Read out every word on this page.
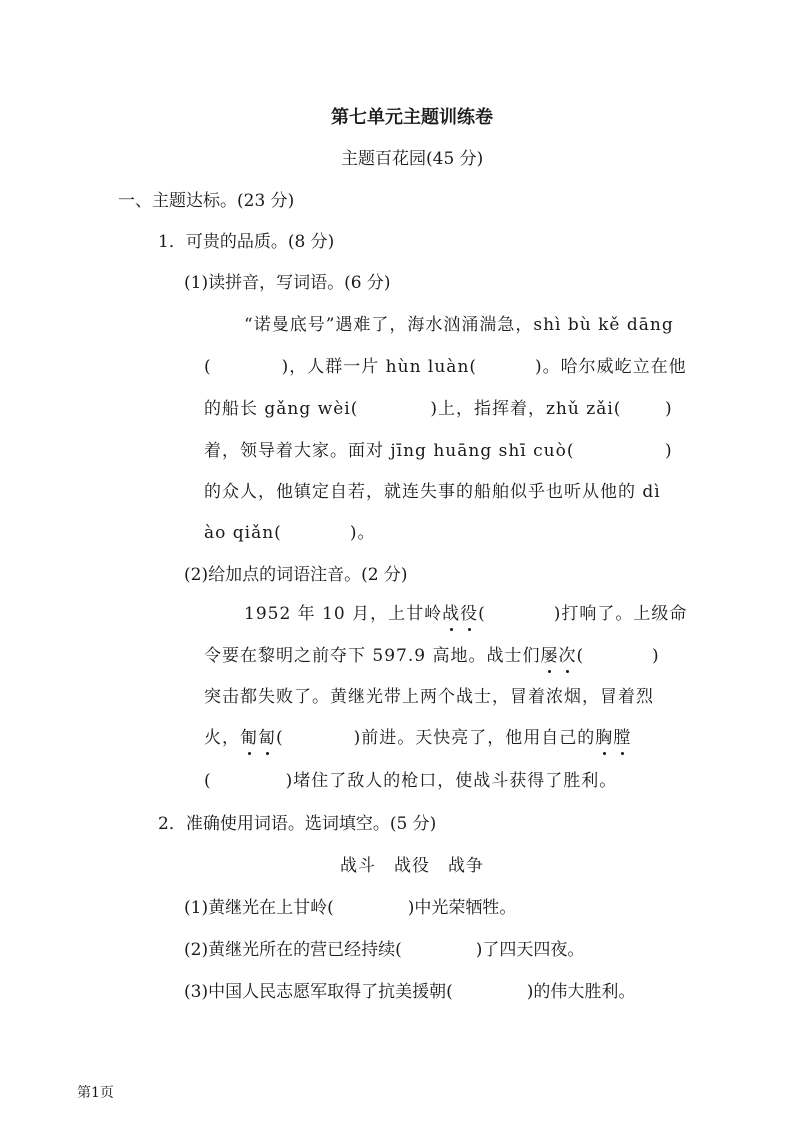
第七单元主题训练卷
主题百花园(45 分)
一、主题达标。(23 分)
1．可贵的品质。(8 分)
(1)读拼音，写词语。(6 分)
“诺曼底号”遇难了，海水汹涌湍急，shì bù kě dāng
(	)，人群一片 hùn luàn(	)。哈尔威屹立在他
的船长 gǎng wèi(	)上，指挥着，zhǔ zǎi(	)
着，领导着大家。面对 jīng huāng shī cuò(	)
的众人，他镇定自若，就连失事的船舶似乎也听从他的 dì
ào qiǎn(	)。
(2)给加点的词语注音。(2 分)
1952 年 10 月，上甘岭战役(	)打响了。上级命
令要在黎明之前夺下 597.9 高地。战士们屡次(	)
突击都失败了。黄继光带上两个战士，冒着浓烟，冒着烈
火，匍匐(	)前进。天快亮了，他用自己的胸膛
(	)堵住了敌人的枪口，使战斗获得了胜利。
2．准确使用词语。选词填空。(5 分)
战斗　战役　战争
(1)黄继光在上甘岭(	)中光荣牺牲。
(2)黄继光所在的营已经持续(	)了四天四夜。
(3)中国人民志愿军取得了抗美援朝(	)的伟大胜利。
第1页
